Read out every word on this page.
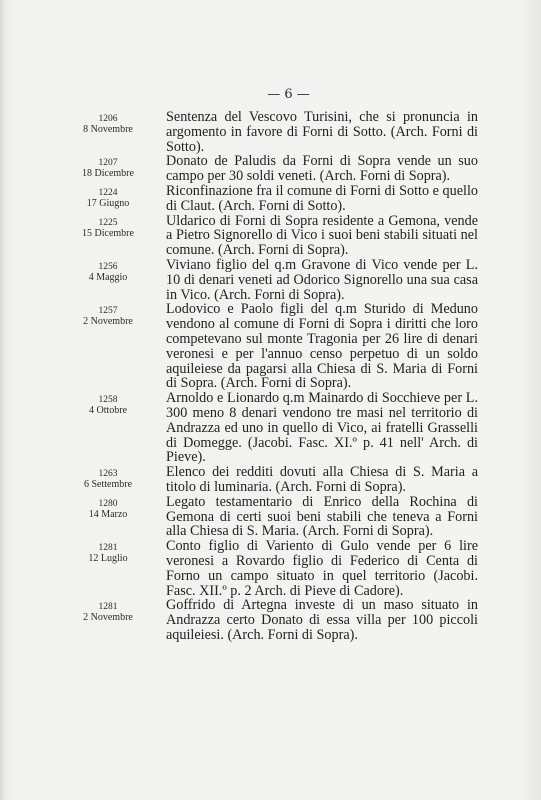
— 6 —
1206
8 Novembre
Sentenza del Vescovo Turisini, che si pronuncia in argomento in favore di Forni di Sotto. (Arch. Forni di Sotto).
1207
18 Dicembre
Donato de Paludis da Forni di Sopra vende un suo campo per 30 soldi veneti. (Arch. Forni di Sopra).
1224
17 Giugno
Riconfinazione fra il comune di Forni di Sotto e quello di Claut. (Arch. Forni di Sotto).
1225
15 Dicembre
Uldarico di Forni di Sopra residente a Gemona, vende a Pietro Signorello di Vico i suoi beni stabili situati nel comune. (Arch. Forni di Sopra).
1256
4 Maggio
Viviano figlio del q.m Gravone di Vico vende per L. 10 di denari veneti ad Odorico Signorello una sua casa in Vico. (Arch. Forni di Sopra).
1257
2 Novembre
Lodovico e Paolo figli del q.m Sturido di Meduno vendono al comune di Forni di Sopra i diritti che loro competevano sul monte Tragonia per 26 lire di denari veronesi e per l'annuo censo perpetuo di un soldo aquileiese da pagarsi alla Chiesa di S. Maria di Forni di Sopra. (Arch. Forni di Sopra).
1258
4 Ottobre
Arnoldo e Lionardo q.m Mainardo di Socchieve per L. 300 meno 8 denari vendono tre masi nel territorio di Andrazza ed uno in quello di Vico, ai fratelli Grasselli di Domegge. (Jacobi. Fasc. XI.º p. 41 nell' Arch. di Pieve).
1263
6 Settembre
Elenco dei redditi dovuti alla Chiesa di S. Maria a titolo di luminaria. (Arch. Forni di Sopra).
1280
14 Marzo
Legato testamentario di Enrico della Rochina di Gemona di certi suoi beni stabili che teneva a Forni alla Chiesa di S. Maria. (Arch. Forni di Sopra).
1281
12 Luglio
Conto figlio di Variento di Gulo vende per 6 lire veronesi a Rovardo figlio di Federico di Centa di Forno un campo situato in quel territorio (Jacobi. Fasc. XII.º p. 2 Arch. di Pieve di Cadore).
1281
2 Novembre
Goffrido di Artegna investe di un maso situato in Andrazza certo Donato di essa villa per 100 piccoli aquileiesi. (Arch. Forni di Sopra).
